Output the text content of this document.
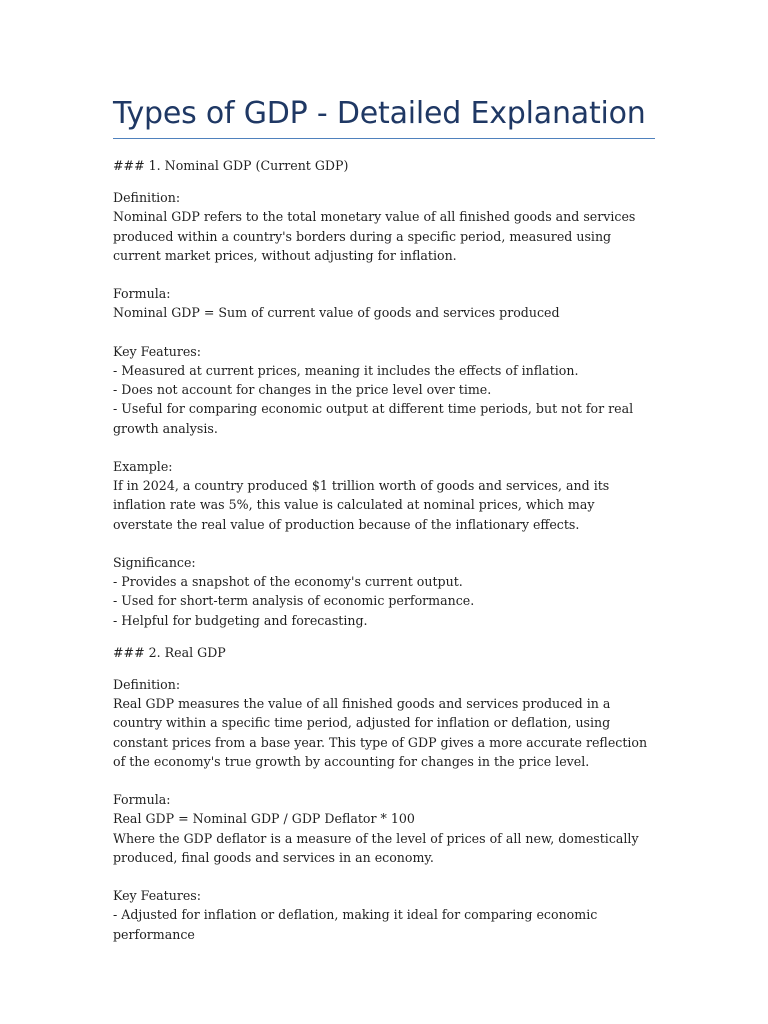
Types of GDP - Detailed Explanation

### 1. Nominal GDP (Current GDP)

Definition:

Nominal GDP refers to the total monetary value of all finished goods and services produced within a country's borders during a specific period, measured using current market prices, without adjusting for inflation.

Formula:

Nominal GDP = Sum of current value of goods and services produced

Key Features:

- Measured at current prices, meaning it includes the effects of inflation.

- Does not account for changes in the price level over time.

- Useful for comparing economic output at different time periods, but not for real growth analysis.

Example:

If in 2024, a country produced $1 trillion worth of goods and services, and its inflation rate was 5%, this value is calculated at nominal prices, which may overstate the real value of production because of the inflationary effects.

Significance:

- Provides a snapshot of the economy's current output.

- Used for short-term analysis of economic performance.

- Helpful for budgeting and forecasting.

### 2. Real GDP

Definition:

Real GDP measures the value of all finished goods and services produced in a country within a specific time period, adjusted for inflation or deflation, using constant prices from a base year. This type of GDP gives a more accurate reflection of the economy's true growth by accounting for changes in the price level.

Formula:

Real GDP = Nominal GDP / GDP Deflator * 100

Where the GDP deflator is a measure of the level of prices of all new, domestically produced, final goods and services in an economy.

Key Features:

- Adjusted for inflation or deflation, making it ideal for comparing economic performance
